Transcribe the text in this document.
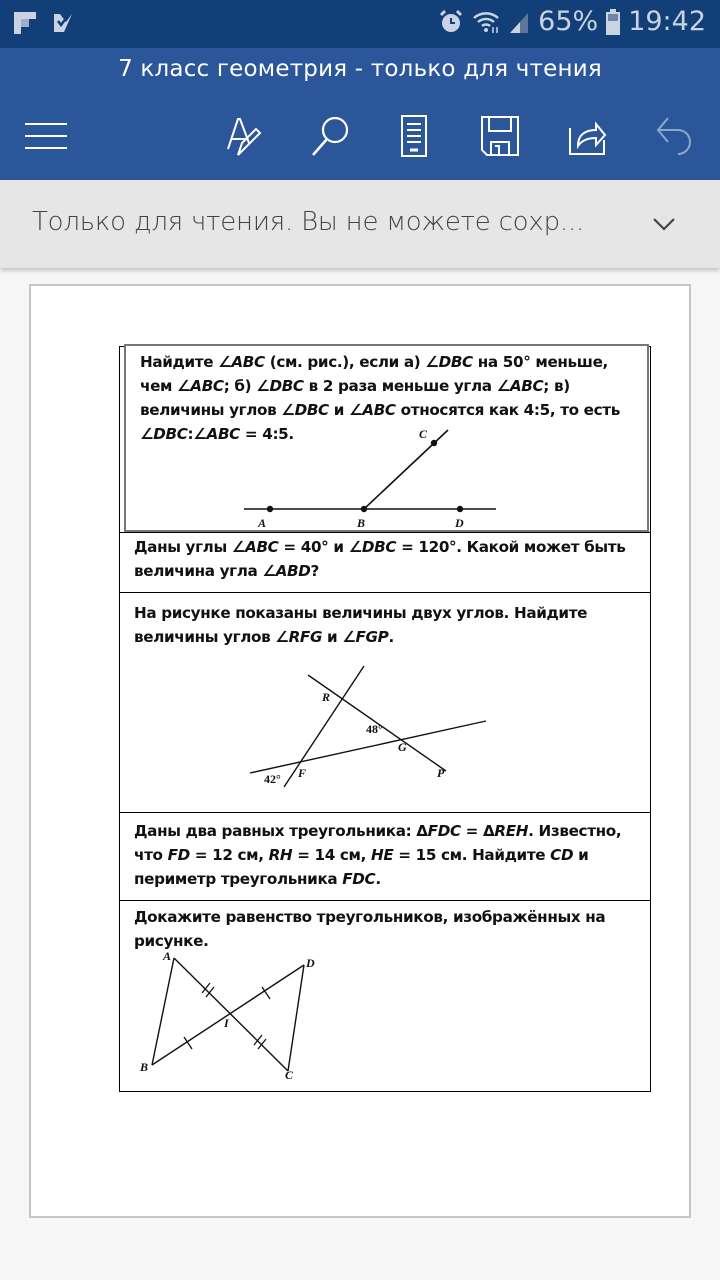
65% 19:42
7 класс геометрия - только для чтения
Только для чтения. Вы не можете сохр...
Найдите ∠ABC (см. рис.), если а) ∠DBC на 50° меньше, чем ∠ABC; б) ∠DBC в 2 раза меньше угла ∠ABC; в) величины углов ∠DBC и ∠ABC относятся как 4:5, то есть ∠DBC:∠ABC = 4:5.
A	B
C
D
Даны углы ∠ABC = 40° и ∠DBC = 120°. Какой может быть величина угла ∠ABD?
На рисунке показаны величины двух углов. Найдите величины углов ∠RFG и ∠FGP.
R
F
G
P
48°
42°
Даны два равных треугольника: ΔFDC = ΔREH. Известно, что FD = 12 см, RH = 14 см, HE = 15 см. Найдите CD и периметр треугольника FDC.
Докажите равенство треугольников, изображённых на рисунке.
A
B
C
D
I
